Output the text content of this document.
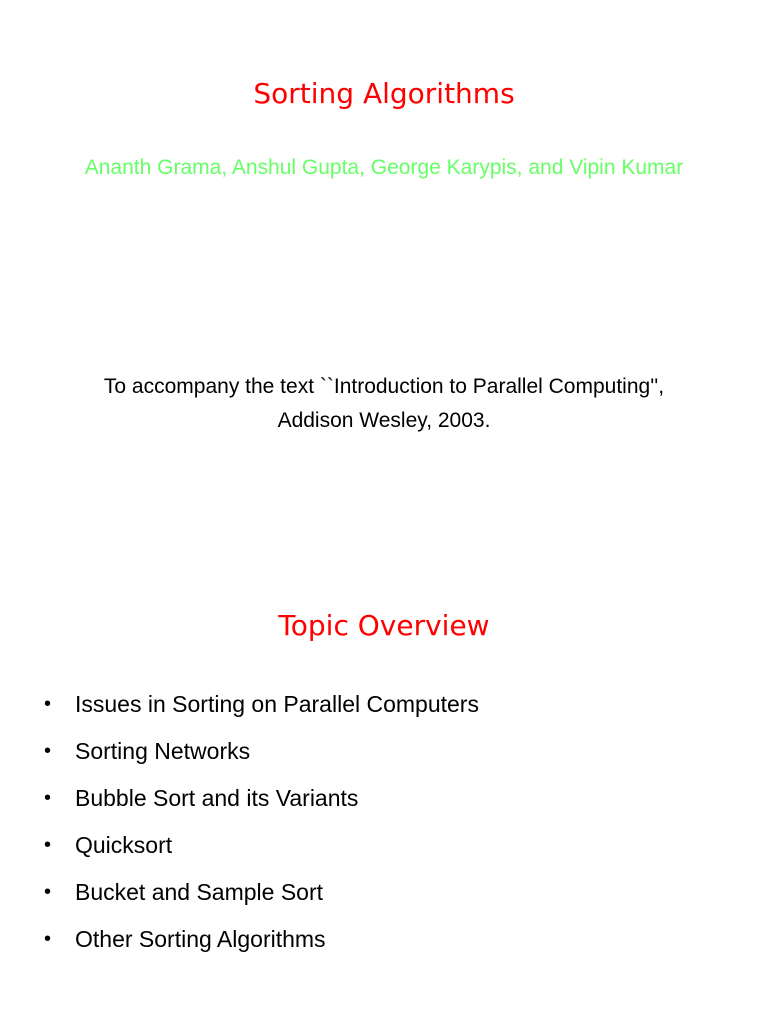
Sorting Algorithms
Ananth Grama, Anshul Gupta, George Karypis, and Vipin Kumar
To accompany the text ``Introduction to Parallel Computing'',
Addison Wesley, 2003.
Topic Overview
•	Issues in Sorting on Parallel Computers
•	Sorting Networks
•	Bubble Sort and its Variants
•	Quicksort
•	Bucket and Sample Sort
•	Other Sorting Algorithms
